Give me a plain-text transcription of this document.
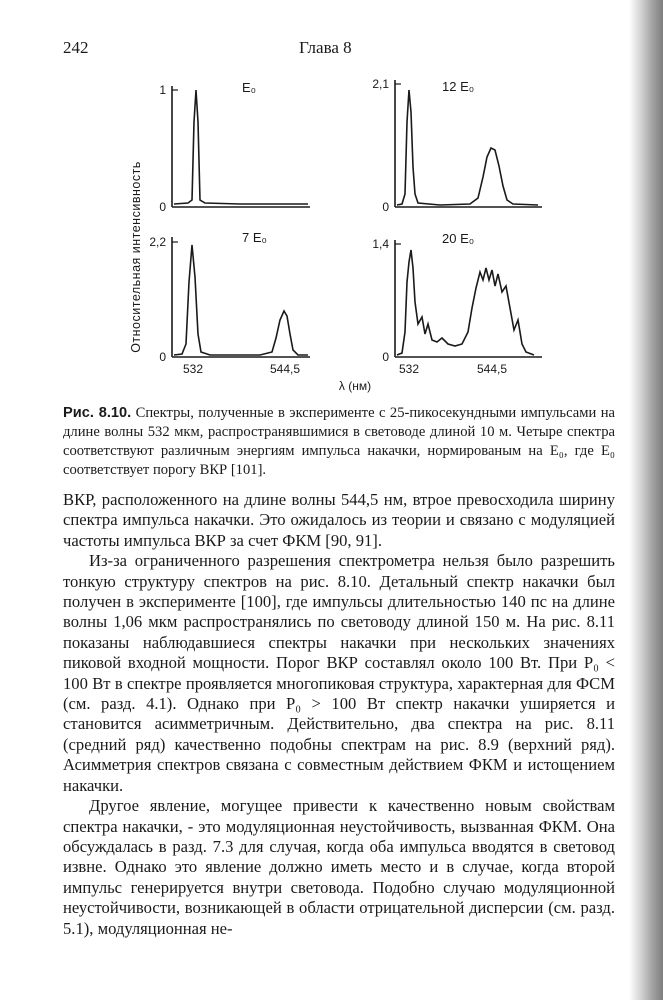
242	Глава 8
Относительная интенсивность
1
0
E₀	2,1
0
12 E₀
2,2
0
7 E₀	1,4
0
20 E₀
532	544,5	532	544,5
λ (нм)
Рис. 8.10. Спектры, полученные в эксперименте с 25-пикосекундными импульсами на длине волны 532 мкм, распространявшимися в световоде длиной 10 м. Четыре спектра соответствуют различным энергиям импульса накачки, нормированым на E₀, где E₀ соответствует порогу ВКР [101].

ВКР, расположенного на длине волны 544,5 нм, втрое превосходила ширину спектра импульса накачки. Это ожидалось из теории и связано с модуляцией частоты импульса ВКР за счет ФКМ [90, 91].

Из-за ограниченного разрешения спектрометра нельзя было разрешить тонкую структуру спектров на рис. 8.10. Детальный спектр накачки был получен в эксперименте [100], где импульсы длительностью 140 пс на длине волны 1,06 мкм распространялись по световоду длиной 150 м. На рис. 8.11 показаны наблюдавшиеся спектры накачки при нескольких значениях пиковой входной мощности. Порог ВКР составлял около 100 Вт. При P₀ < 100 Вт в спектре проявляется многопиковая структура, характерная для ФСМ (см. разд. 4.1). Однако при P₀ > 100 Вт спектр накачки уширяется и становится асимметричным. Действительно, два спектра на рис. 8.11 (средний ряд) качественно подобны спектрам на рис. 8.9 (верхний ряд). Асимметрия спектров связана с совместным действием ФКМ и истощением накачки.

Другое явление, могущее привести к качественно новым свойствам спектра накачки, - это модуляционная неустойчивость, вызванная ФКМ. Она обсуждалась в разд. 7.3 для случая, когда оба импульса вводятся в световод извне. Однако это явление должно иметь место и в случае, когда второй импульс генерируется внутри световода. Подобно случаю модуляционной неустойчивости, возникающей в области отрицательной дисперсии (см. разд. 5.1), модуляционная не-
